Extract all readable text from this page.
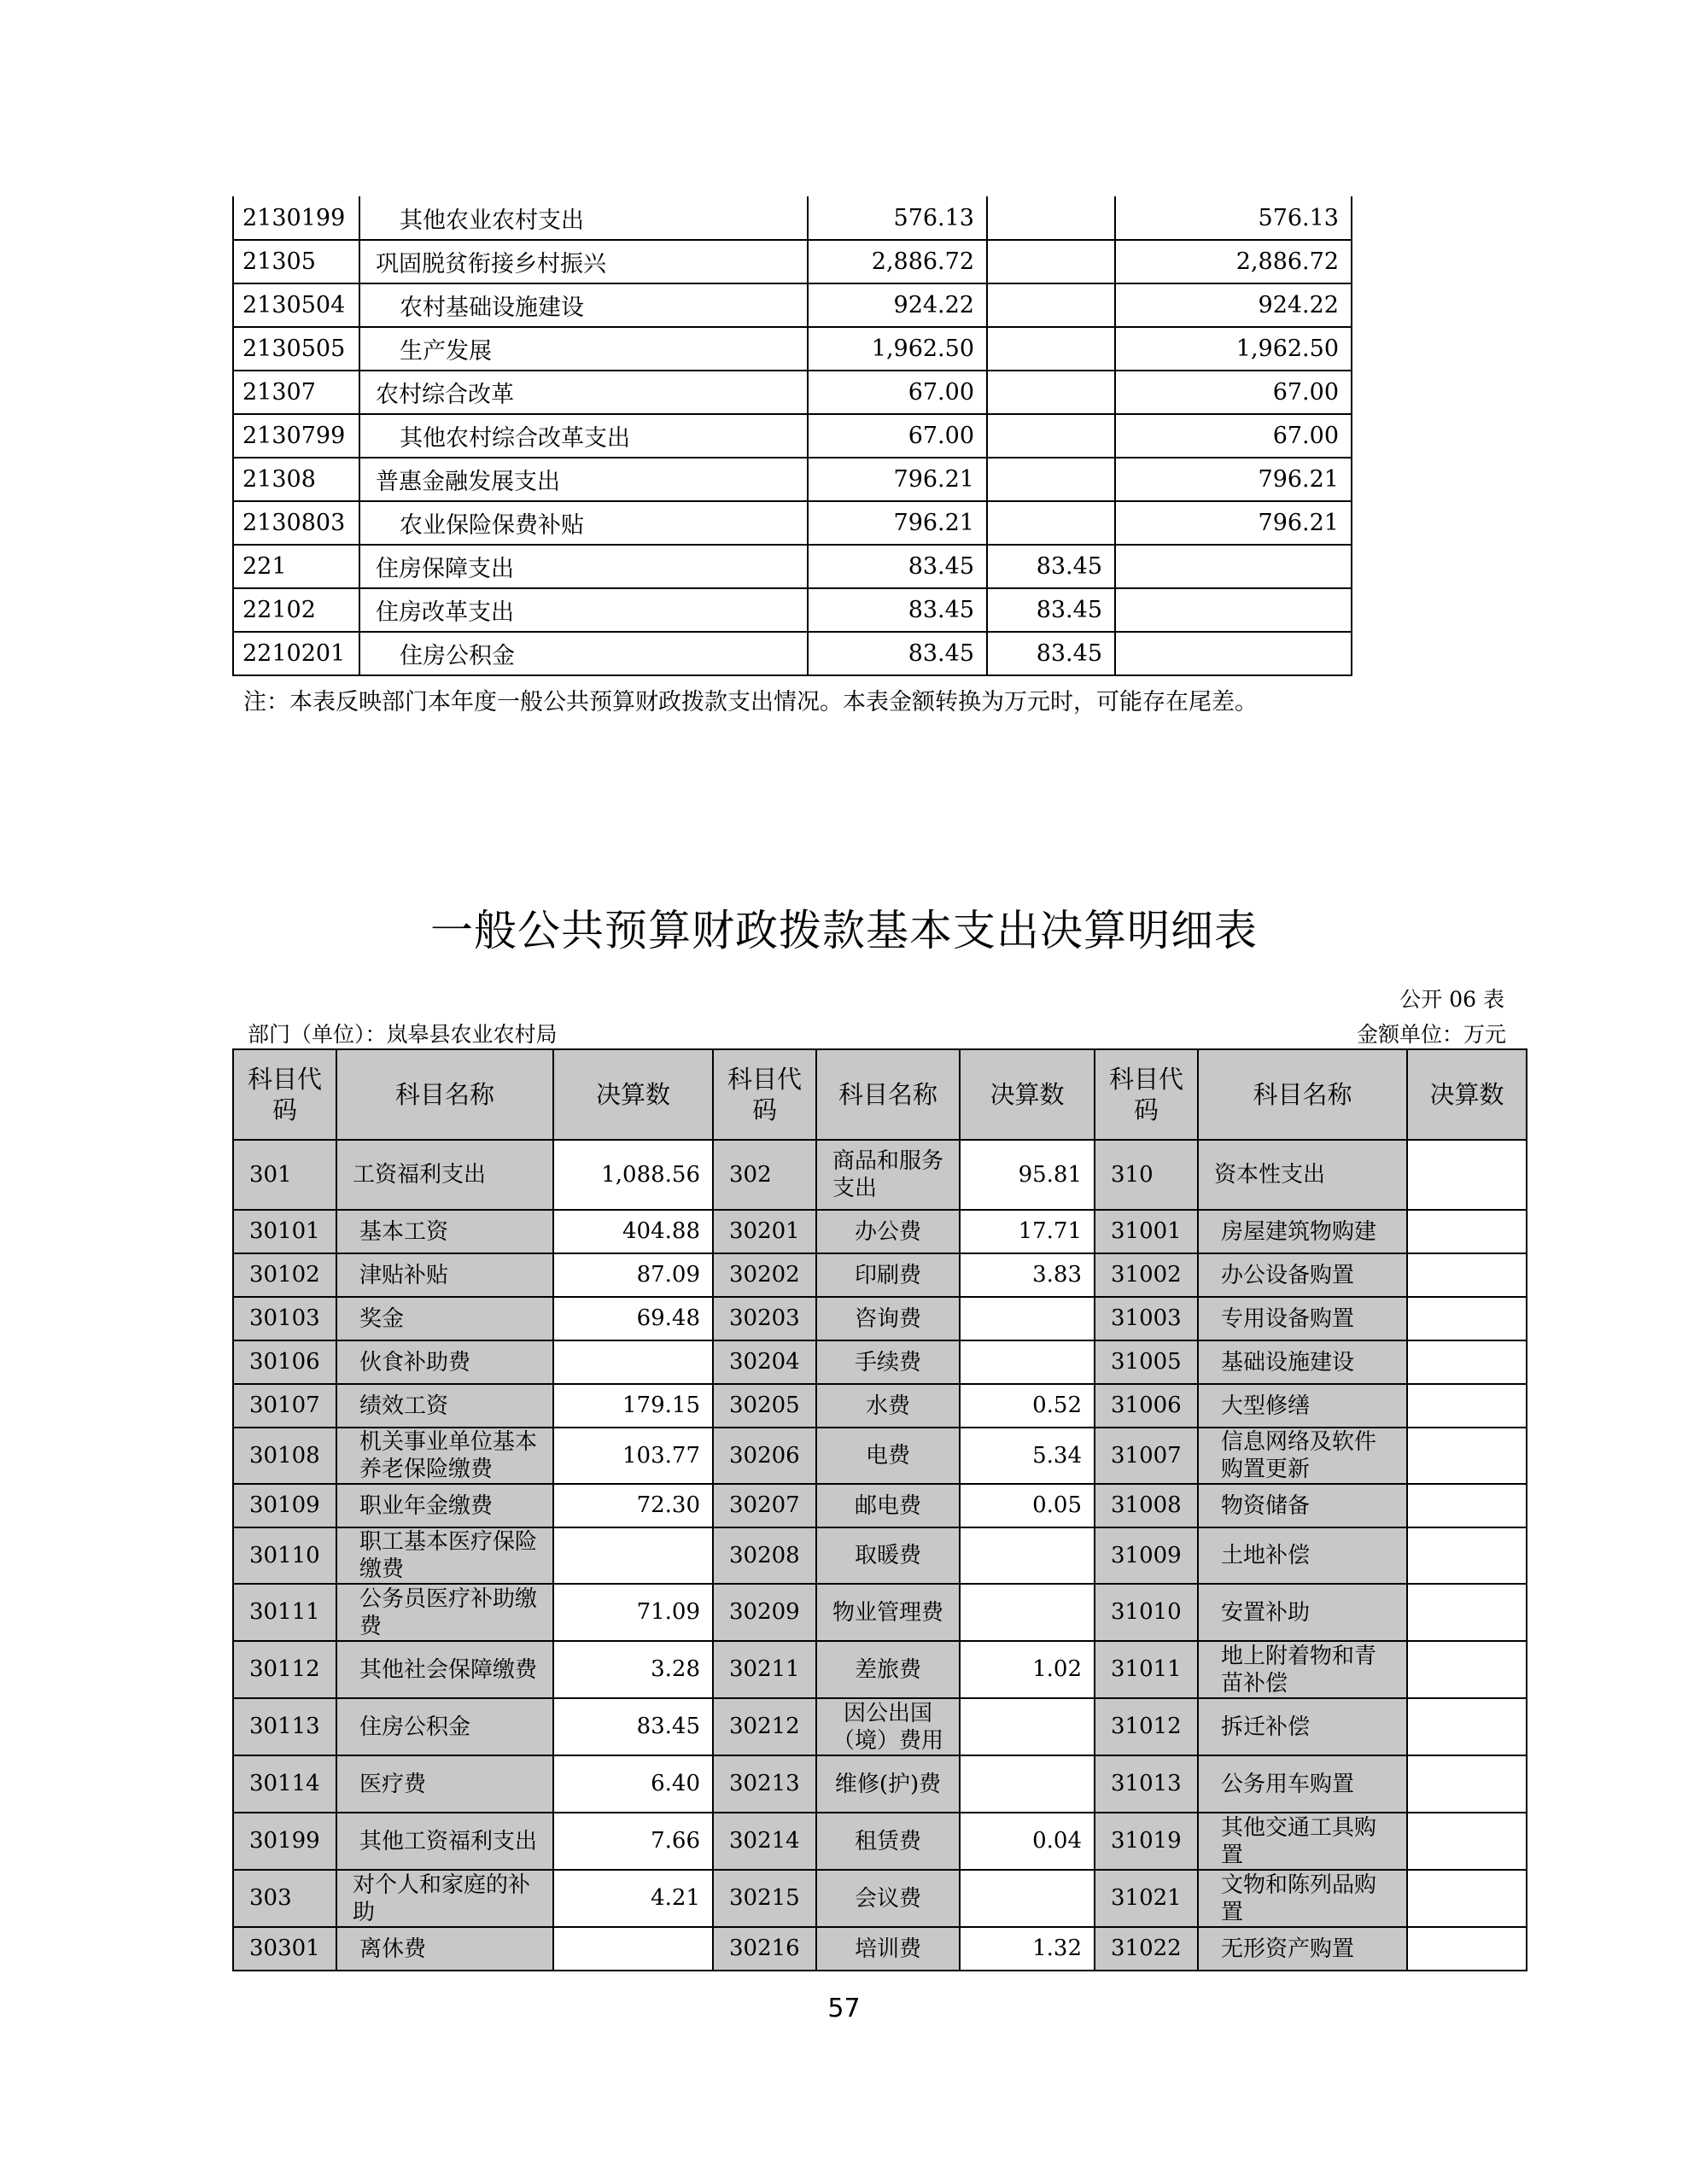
2130199	其他农业农村支出	576.13		576.13
21305	巩固脱贫衔接乡村振兴	2,886.72		2,886.72
2130504	农村基础设施建设	924.22		924.22
2130505	生产发展	1,962.50		1,962.50
21307	农村综合改革	67.00		67.00
2130799	其他农村综合改革支出	67.00		67.00
21308	普惠金融发展支出	796.21		796.21
2130803	农业保险保费补贴	796.21		796.21
221	住房保障支出	83.45	83.45	
22102	住房改革支出	83.45	83.45	
2210201	住房公积金	83.45	83.45	
注：本表反映部门本年度一般公共预算财政拨款支出情况。本表金额转换为万元时，可能存在尾差。
一般公共预算财政拨款基本支出决算明细表
公开 06 表
部门（单位）：岚皋县农业农村局	金额单位：万元
科目代码	科目名称	决算数	科目代码	科目名称	决算数	科目代码	科目名称	决算数
301	工资福利支出	1,088.56	302	商品和服务支出	95.81	310	资本性支出	
30101	基本工资	404.88	30201	办公费	17.71	31001	房屋建筑物购建	
30102	津贴补贴	87.09	30202	印刷费	3.83	31002	办公设备购置	
30103	奖金	69.48	30203	咨询费		31003	专用设备购置	
30106	伙食补助费		30204	手续费		31005	基础设施建设	
30107	绩效工资	179.15	30205	水费	0.52	31006	大型修缮	
30108	机关事业单位基本养老保险缴费	103.77	30206	电费	5.34	31007	信息网络及软件购置更新	
30109	职业年金缴费	72.30	30207	邮电费	0.05	31008	物资储备	
30110	职工基本医疗保险缴费		30208	取暖费		31009	土地补偿	
30111	公务员医疗补助缴费	71.09	30209	物业管理费		31010	安置补助	
30112	其他社会保障缴费	3.28	30211	差旅费	1.02	31011	地上附着物和青苗补偿	
30113	住房公积金	83.45	30212	因公出国（境）费用		31012	拆迁补偿	
30114	医疗费	6.40	30213	维修(护)费		31013	公务用车购置	
30199	其他工资福利支出	7.66	30214	租赁费	0.04	31019	其他交通工具购置	
303	对个人和家庭的补助	4.21	30215	会议费		31021	文物和陈列品购置	
30301	离休费		30216	培训费	1.32	31022	无形资产购置	
57
